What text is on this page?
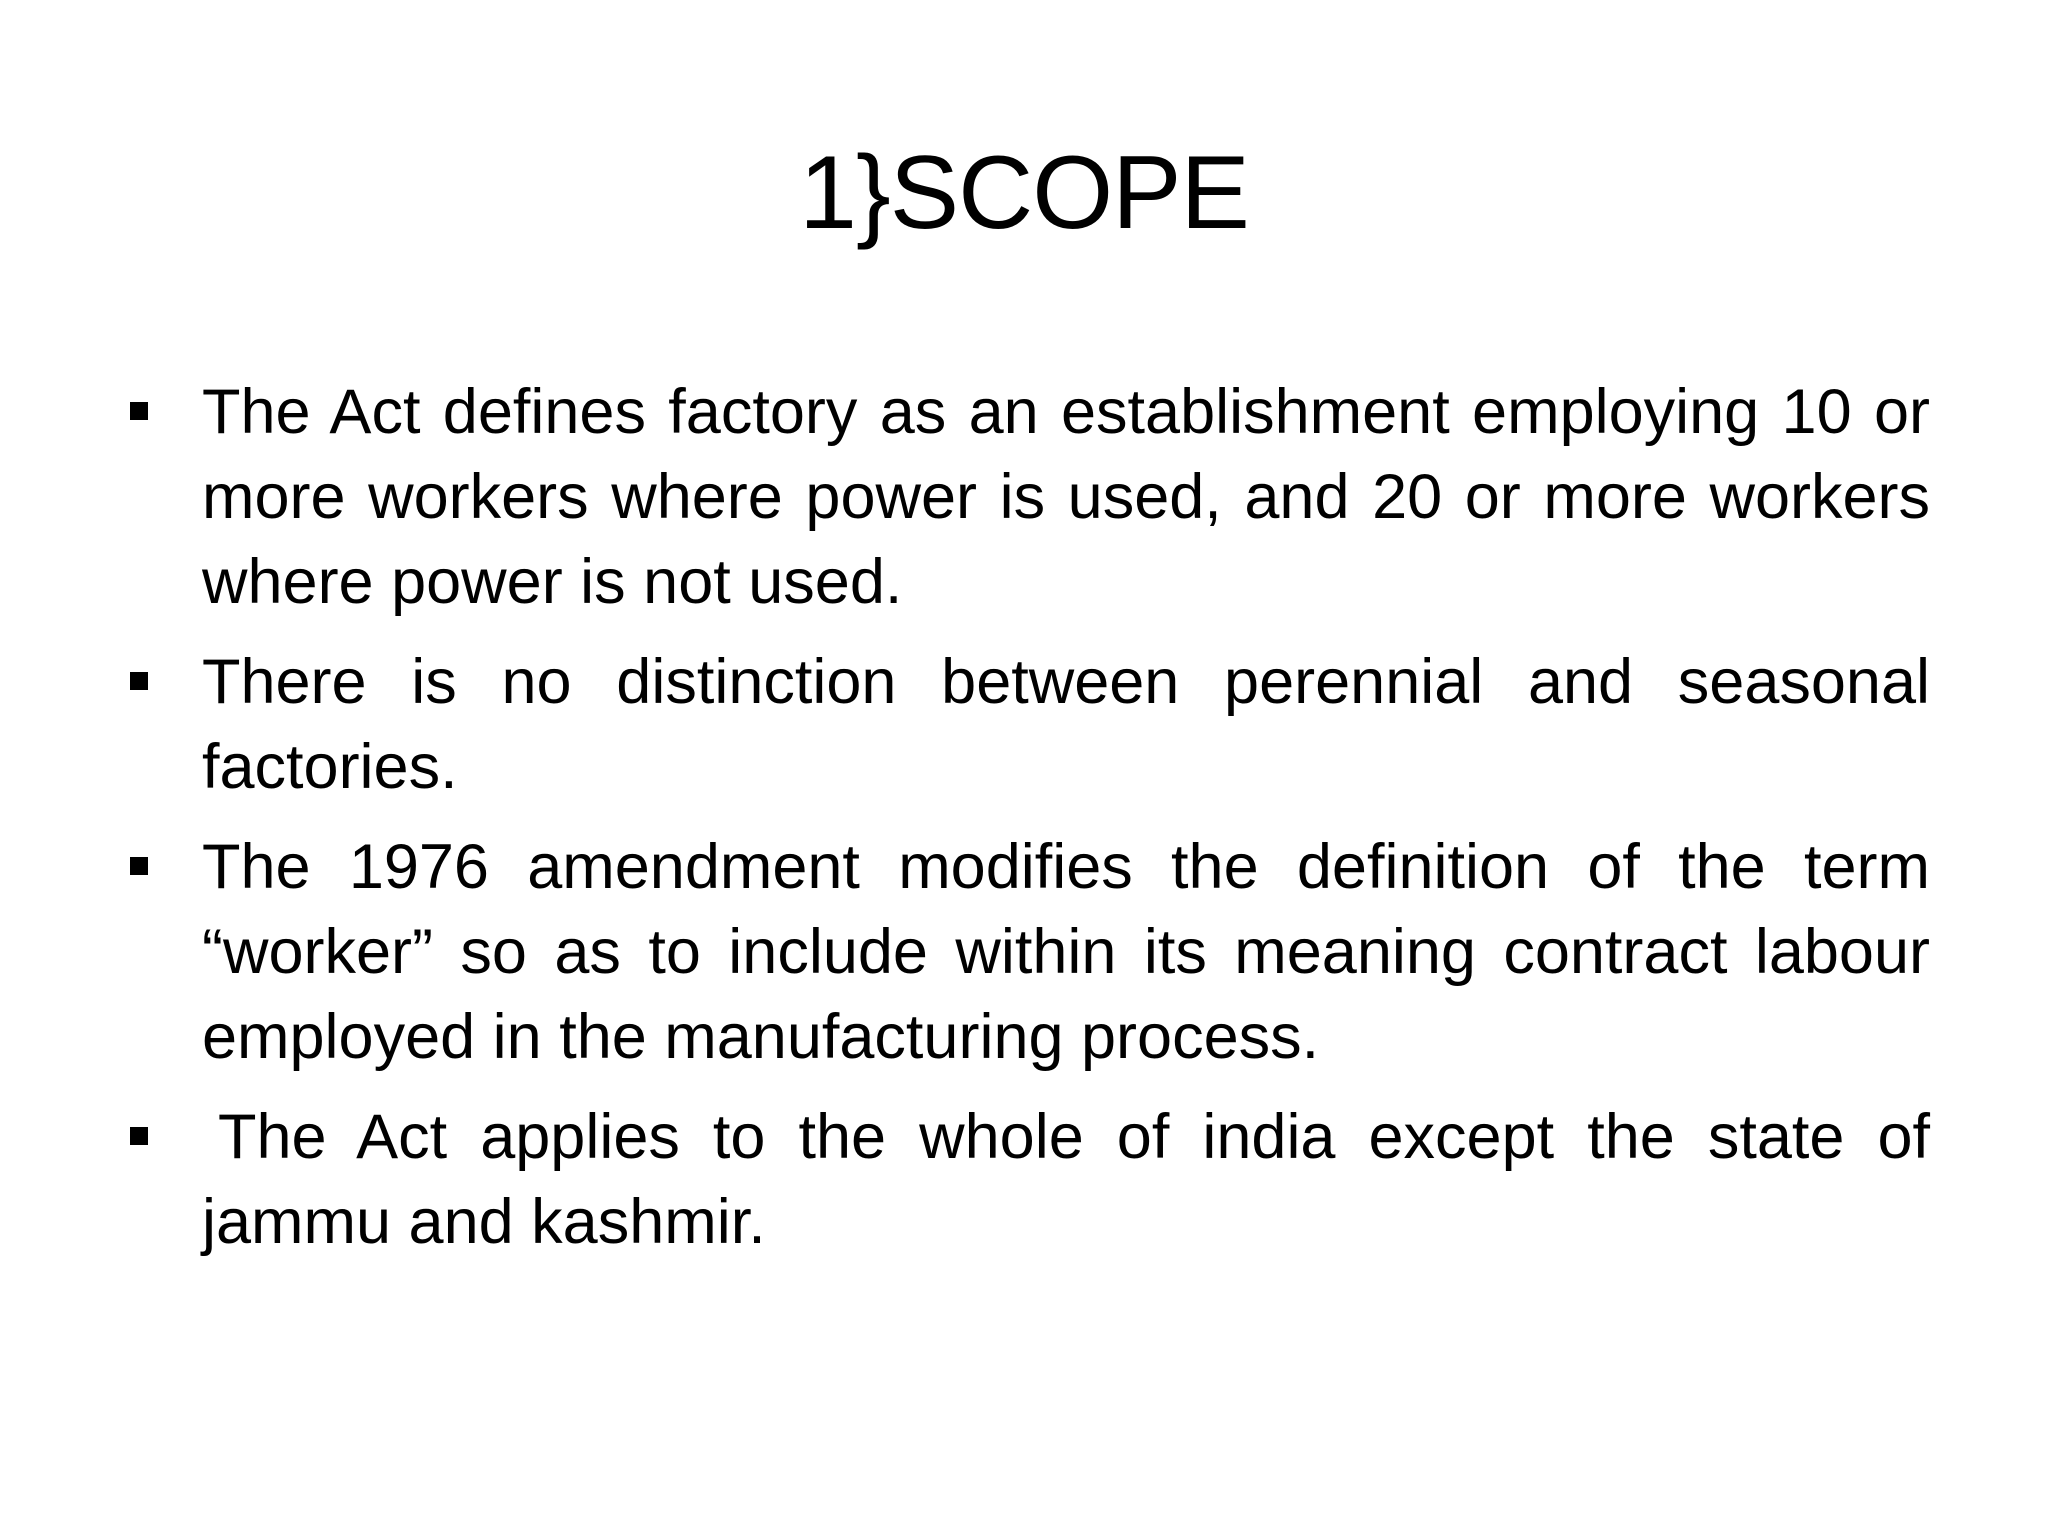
1}SCOPE
The Act defines factory as an establishment employing 10 or more workers where power is used, and 20 or more workers where power is not used.
There is no distinction between perennial and seasonal factories.
The 1976 amendment modifies the definition of the term “worker” so as to include within its meaning contract labour employed in the manufacturing process.
The Act applies to the whole of india except the state of jammu and kashmir.
